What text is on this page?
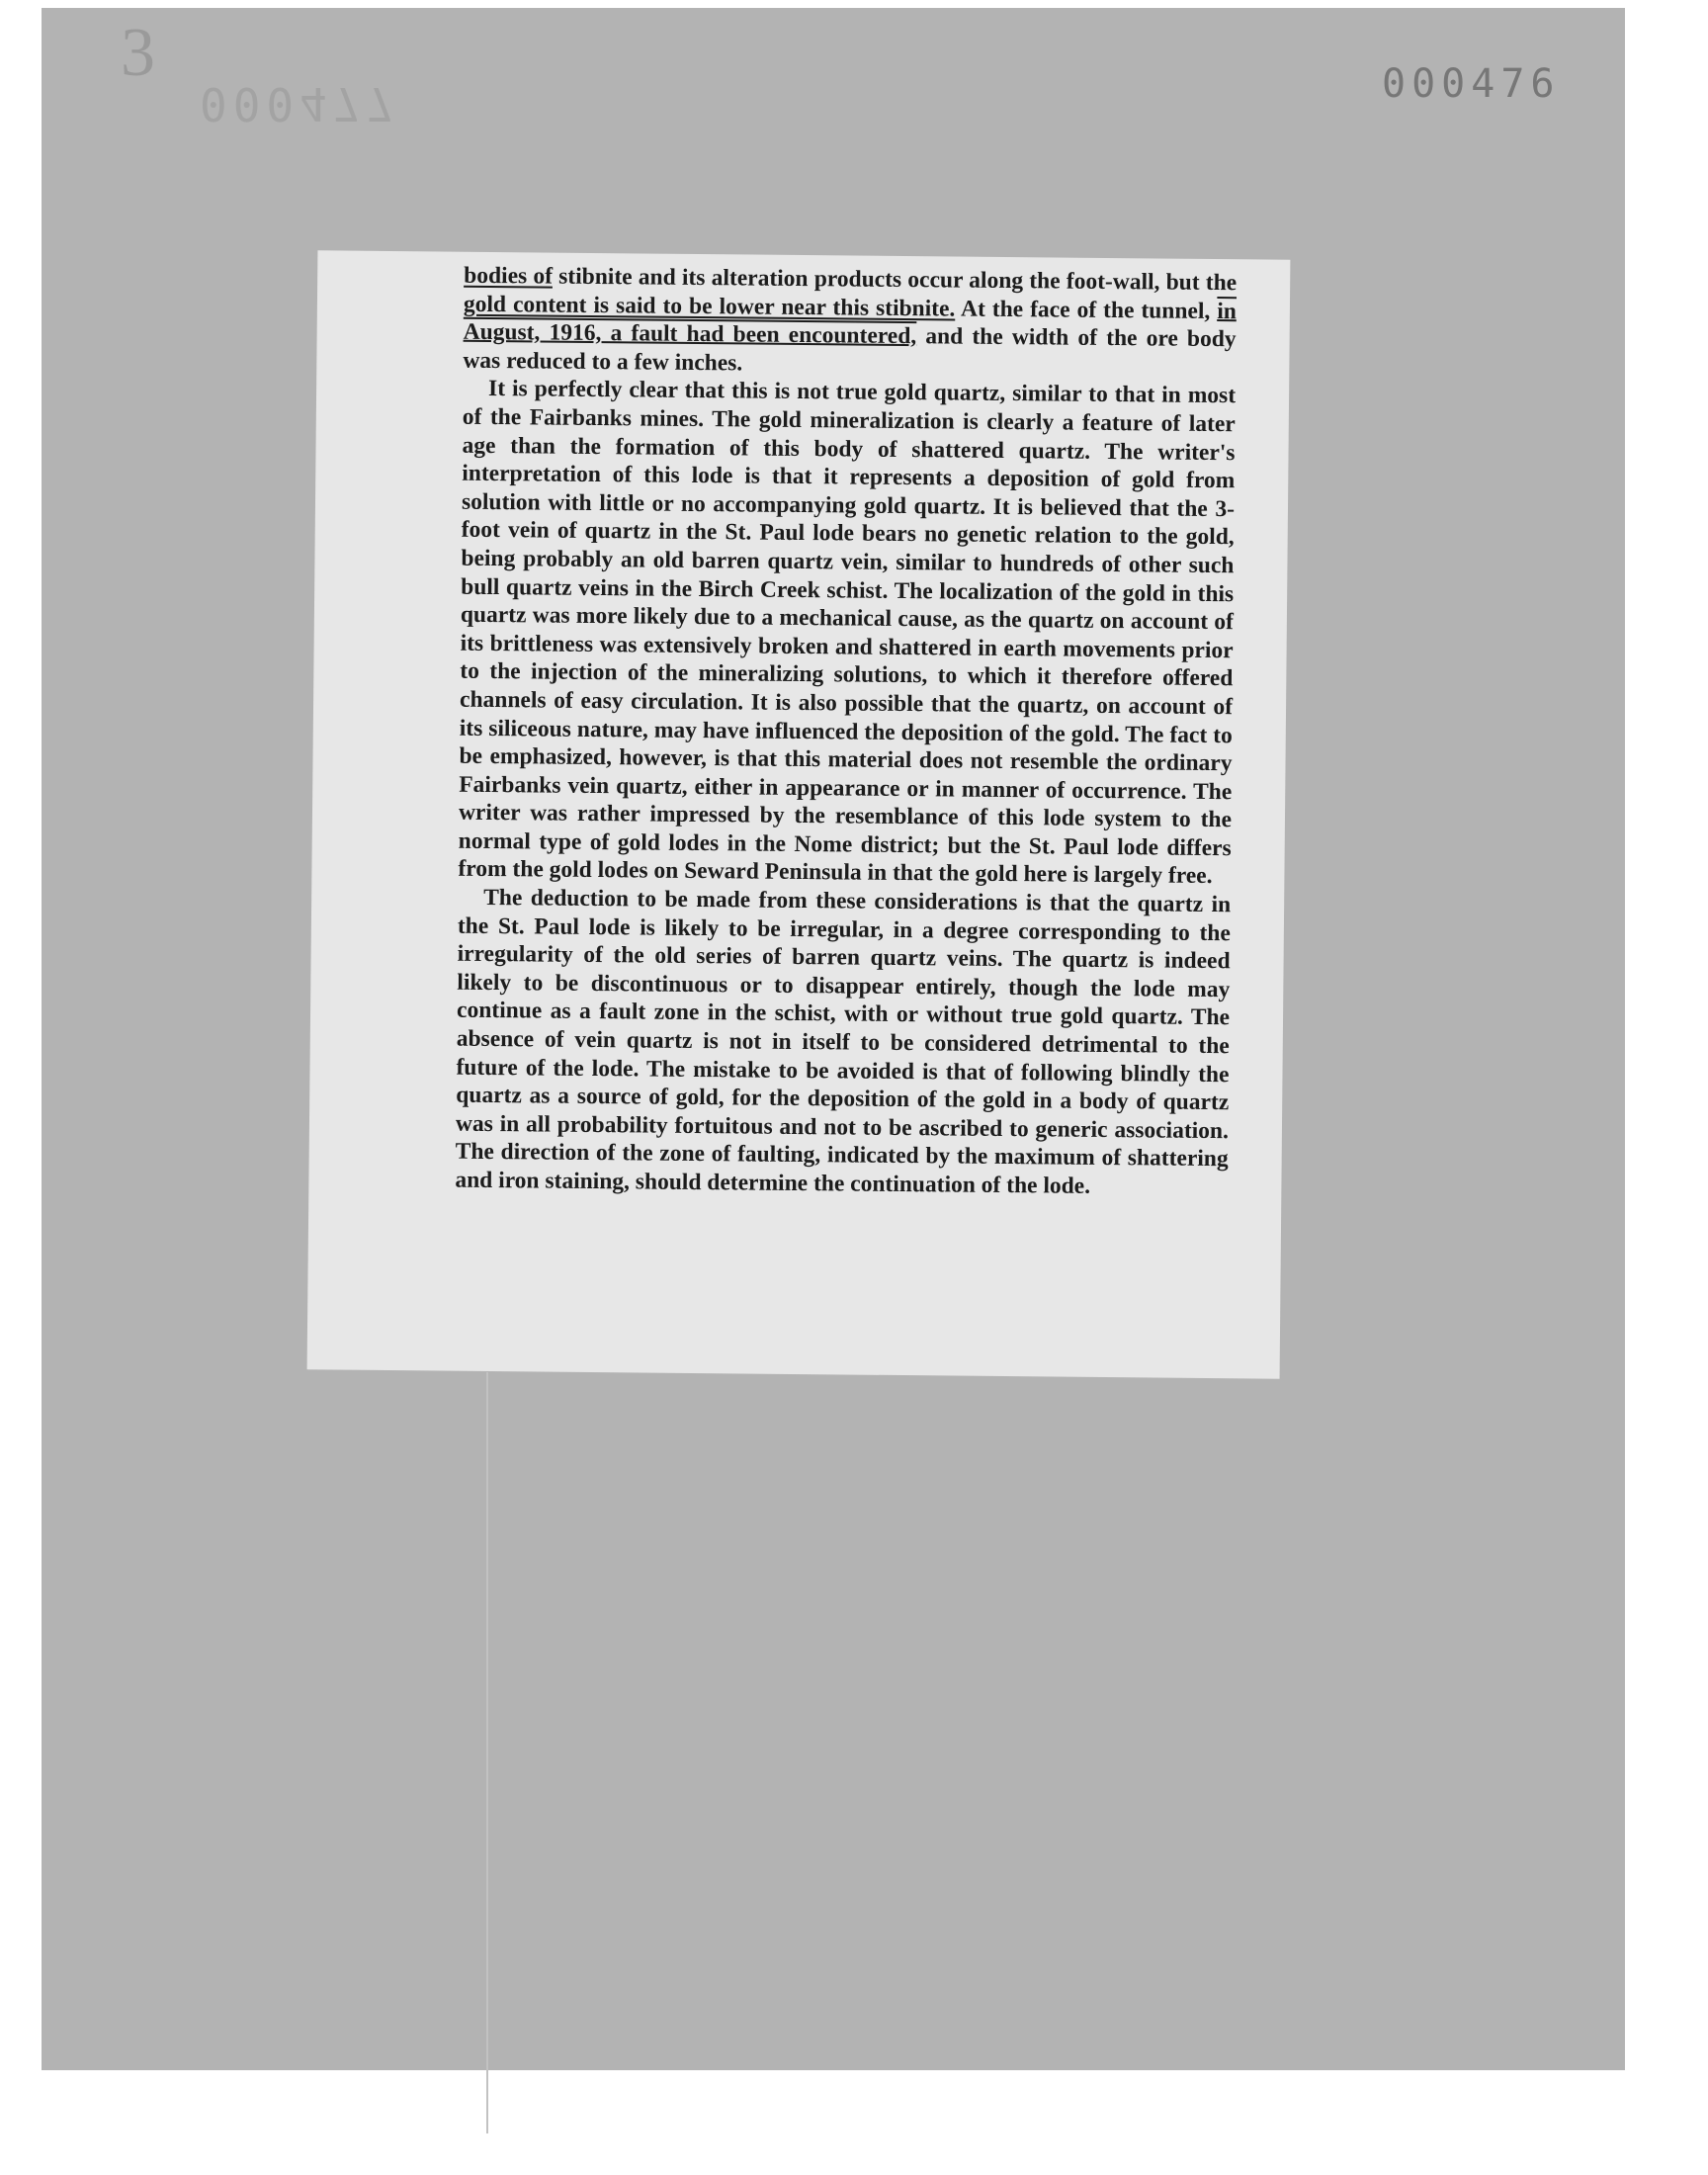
3
000477	000476

bodies of stibnite and its alteration products occur along the foot-wall, but the gold content is said to be lower near this stibnite. At the face of the tunnel, in August, 1916, a fault had been encountered, and the width of the ore body was reduced to a few inches.

It is perfectly clear that this is not true gold quartz, similar to that in most of the Fairbanks mines. The gold mineralization is clearly a feature of later age than the formation of this body of shattered quartz. The writer's interpretation of this lode is that it represents a deposition of gold from solution with little or no accompanying gold quartz. It is believed that the 3-foot vein of quartz in the St. Paul lode bears no genetic relation to the gold, being probably an old barren quartz vein, similar to hundreds of other such bull quartz veins in the Birch Creek schist. The localization of the gold in this quartz was more likely due to a mechanical cause, as the quartz on account of its brittleness was extensively broken and shattered in earth movements prior to the injection of the mineralizing solutions, to which it therefore offered channels of easy circulation. It is also possible that the quartz, on account of its siliceous nature, may have influenced the deposition of the gold. The fact to be emphasized, however, is that this material does not resemble the ordinary Fairbanks vein quartz, either in appearance or in manner of occurrence. The writer was rather impressed by the resemblance of this lode system to the normal type of gold lodes in the Nome district; but the St. Paul lode differs from the gold lodes on Seward Peninsula in that the gold here is largely free.

The deduction to be made from these considerations is that the quartz in the St. Paul lode is likely to be irregular, in a degree corresponding to the irregularity of the old series of barren quartz veins. The quartz is indeed likely to be discontinuous or to disappear entirely, though the lode may continue as a fault zone in the schist, with or without true gold quartz. The absence of vein quartz is not in itself to be considered detrimental to the future of the lode. The mistake to be avoided is that of following blindly the quartz as a source of gold, for the deposition of the gold in a body of quartz was in all probability fortuitous and not to be ascribed to generic association. The direction of the zone of faulting, indicated by the maximum of shattering and iron staining, should determine the continuation of the lode.
